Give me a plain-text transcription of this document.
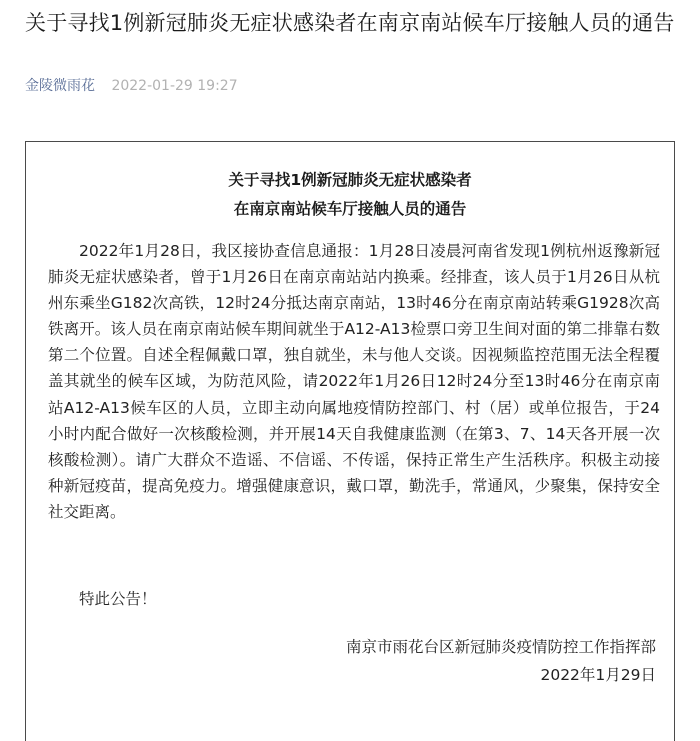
关于寻找1例新冠肺炎无症状感染者在南京南站候车厅接触人员的通告
金陵微雨花 2022-01-29 19:27
关于寻找1例新冠肺炎无症状感染者
在南京南站候车厅接触人员的通告

2022年1月28日，我区接协查信息通报：1月28日凌晨河南省发现1例杭州返豫新冠肺炎无症状感染者，曾于1月26日在南京南站站内换乘。经排查，该人员于1月26日从杭州东乘坐G182次高铁，12时24分抵达南京南站，13时46分在南京南站转乘G1928次高铁离开。该人员在南京南站候车期间就坐于A12-A13检票口旁卫生间对面的第二排靠右数第二个位置。自述全程佩戴口罩，独自就坐，未与他人交谈。因视频监控范围无法全程覆盖其就坐的候车区域，为防范风险，请2022年1月26日12时24分至13时46分在南京南站A12-A13候车区的人员，立即主动向属地疫情防控部门、村（居）或单位报告，于24小时内配合做好一次核酸检测，并开展14天自我健康监测（在第3、7、14天各开展一次核酸检测）。请广大群众不造谣、不信谣、不传谣，保持正常生产生活秩序。积极主动接种新冠疫苗，提高免疫力。增强健康意识，戴口罩，勤洗手，常通风，少聚集，保持安全社交距离。

特此公告！

南京市雨花台区新冠肺炎疫情防控工作指挥部
2022年1月29日
